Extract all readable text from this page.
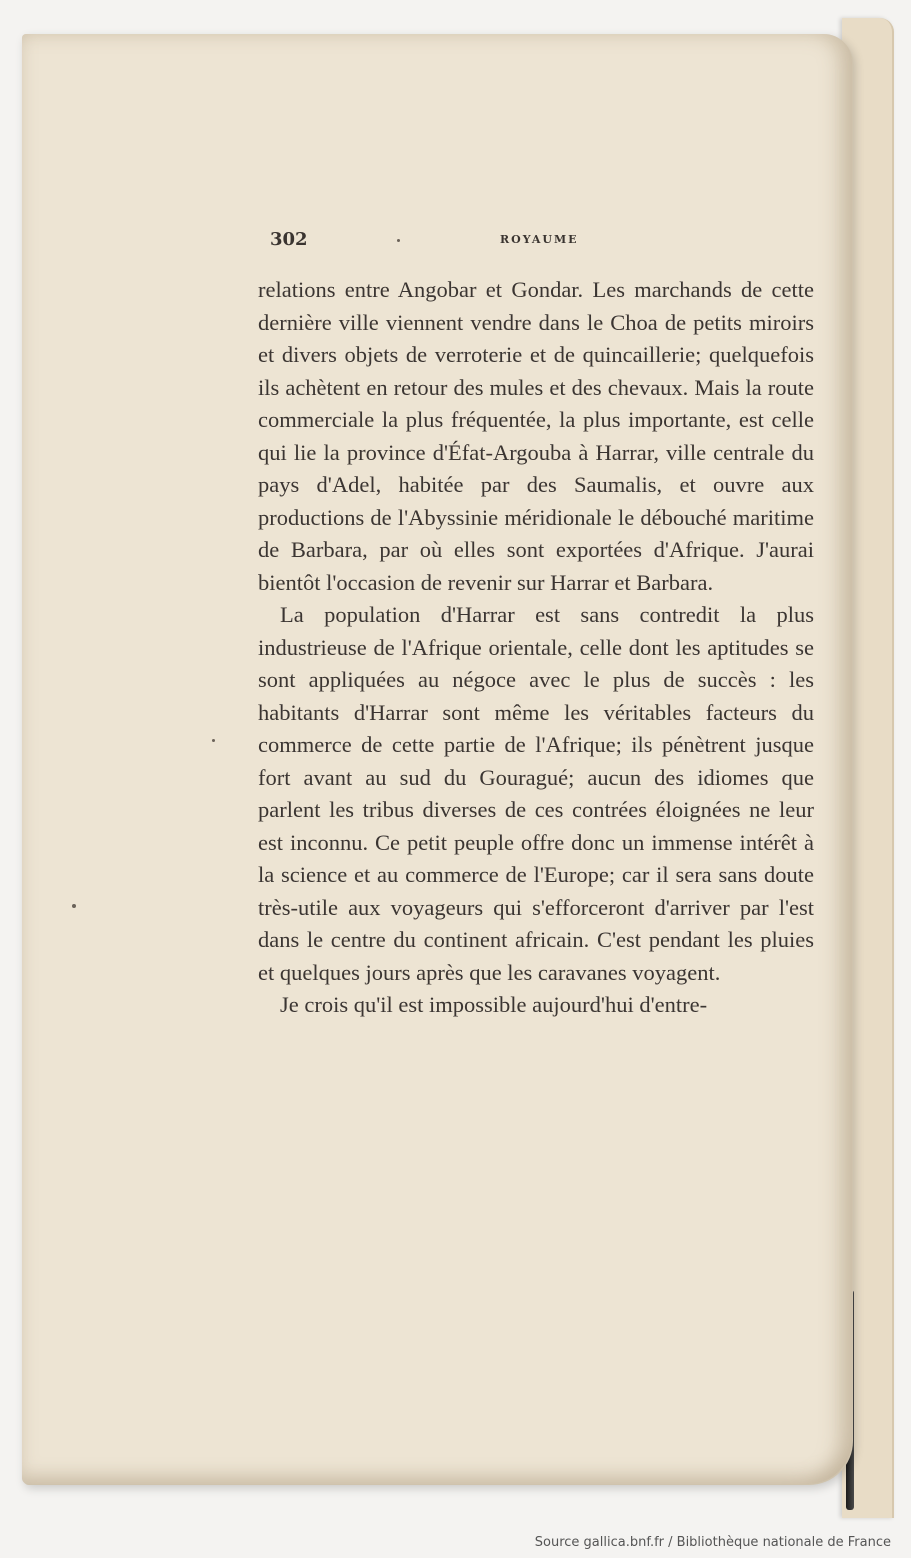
302	ROYAUME

relations entre Angobar et Gondar. Les marchands de cette dernière ville viennent vendre dans le Choa de petits miroirs et divers objets de verroterie et de quincaillerie; quelquefois ils achètent en retour des mules et des chevaux. Mais la route commerciale la plus fréquentée, la plus importante, est celle qui lie la province d'Éfat-Argouba à Harrar, ville centrale du pays d'Adel, habitée par des Saumalis, et ouvre aux productions de l'Abyssinie méridionale le débouché maritime de Barbara, par où elles sont exportées d'Afrique. J'aurai bientôt l'occasion de revenir sur Harrar et Barbara.

La population d'Harrar est sans contredit la plus industrieuse de l'Afrique orientale, celle dont les aptitudes se sont appliquées au négoce avec le plus de succès : les habitants d'Harrar sont même les véritables facteurs du commerce de cette partie de l'Afrique; ils pénètrent jusque fort avant au sud du Gouragué; aucun des idiomes que parlent les tribus diverses de ces contrées éloignées ne leur est inconnu. Ce petit peuple offre donc un immense intérêt à la science et au commerce de l'Europe; car il sera sans doute très-utile aux voyageurs qui s'efforceront d'arriver par l'est dans le centre du continent africain. C'est pendant les pluies et quelques jours après que les caravanes voyagent.

Je crois qu'il est impossible aujourd'hui d'entre-

Source gallica.bnf.fr / Bibliothèque nationale de France
